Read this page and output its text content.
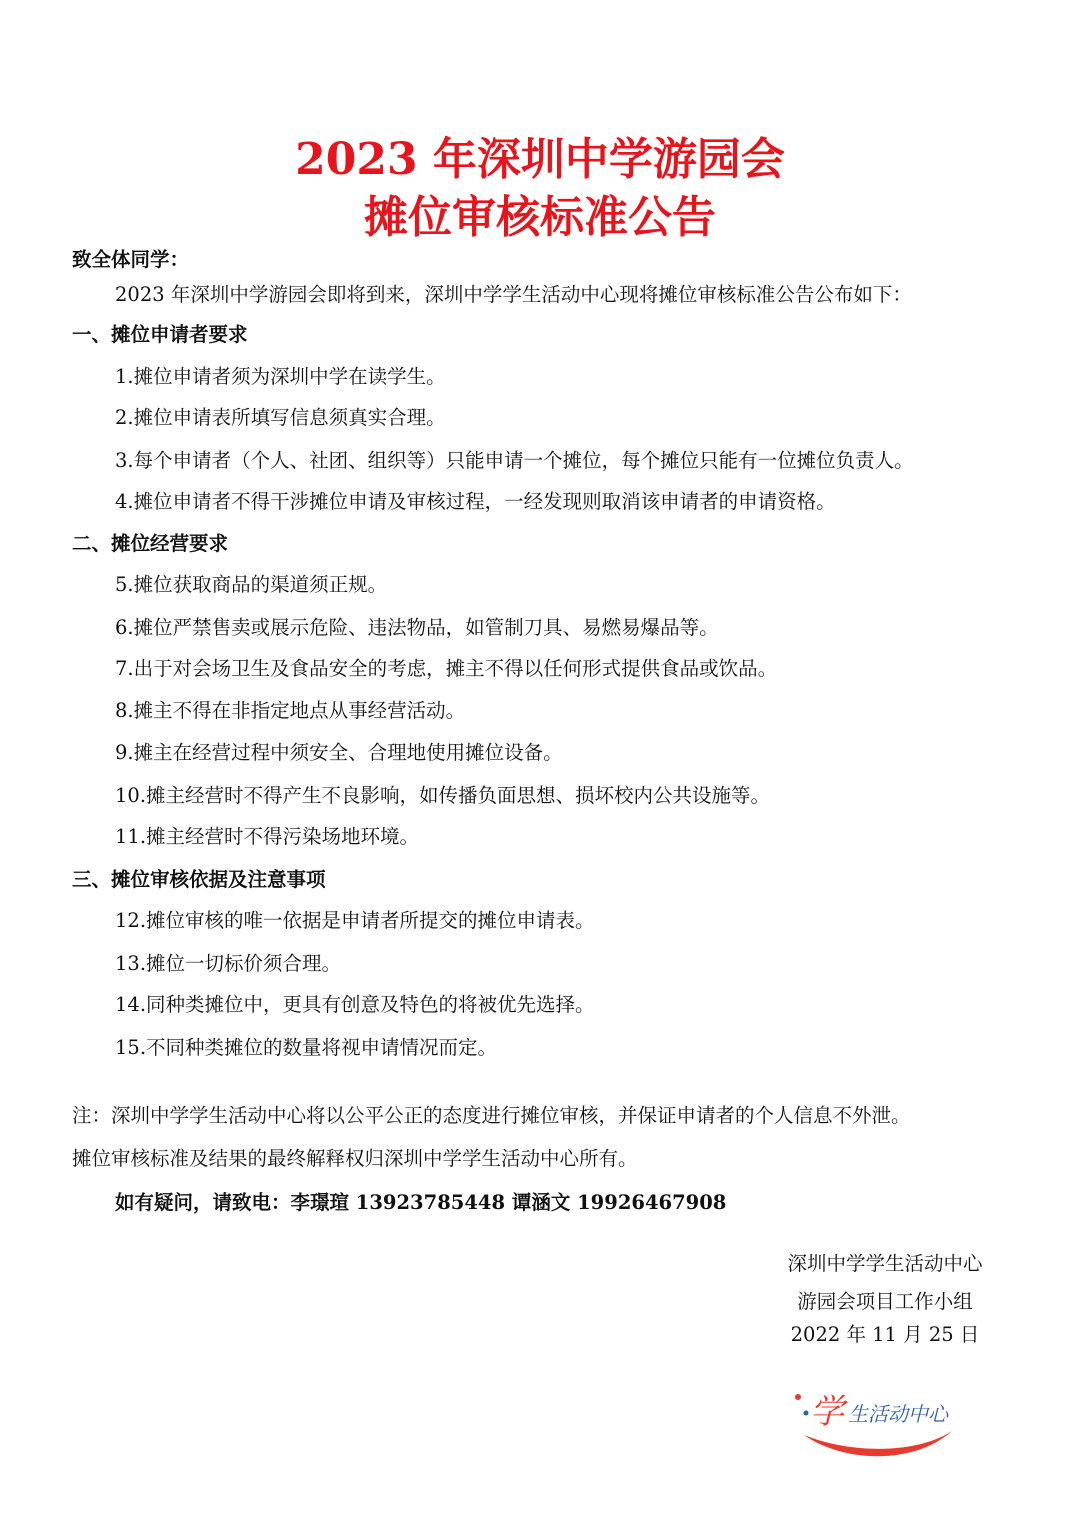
2023 年深圳中学游园会
摊位审核标准公告
致全体同学：
2023 年深圳中学游园会即将到来，深圳中学学生活动中心现将摊位审核标准公告公布如下：
一、摊位申请者要求
1.摊位申请者须为深圳中学在读学生。
2.摊位申请表所填写信息须真实合理。
3.每个申请者（个人、社团、组织等）只能申请一个摊位，每个摊位只能有一位摊位负责人。
4.摊位申请者不得干涉摊位申请及审核过程，一经发现则取消该申请者的申请资格。
二、摊位经营要求
5.摊位获取商品的渠道须正规。
6.摊位严禁售卖或展示危险、违法物品，如管制刀具、易燃易爆品等。
7.出于对会场卫生及食品安全的考虑，摊主不得以任何形式提供食品或饮品。
8.摊主不得在非指定地点从事经营活动。
9.摊主在经营过程中须安全、合理地使用摊位设备。
10.摊主经营时不得产生不良影响，如传播负面思想、损坏校内公共设施等。
11.摊主经营时不得污染场地环境。
三、摊位审核依据及注意事项
12.摊位审核的唯一依据是申请者所提交的摊位申请表。
13.摊位一切标价须合理。
14.同种类摊位中，更具有创意及特色的将被优先选择。
15.不同种类摊位的数量将视申请情况而定。
注：深圳中学学生活动中心将以公平公正的态度进行摊位审核，并保证申请者的个人信息不外泄。
摊位审核标准及结果的最终解释权归深圳中学学生活动中心所有。
如有疑问，请致电：李璟瑄 13923785448 谭涵文 19926467908
深圳中学学生活动中心
游园会项目工作小组
2022 年 11 月 25 日
学 生活动中心
